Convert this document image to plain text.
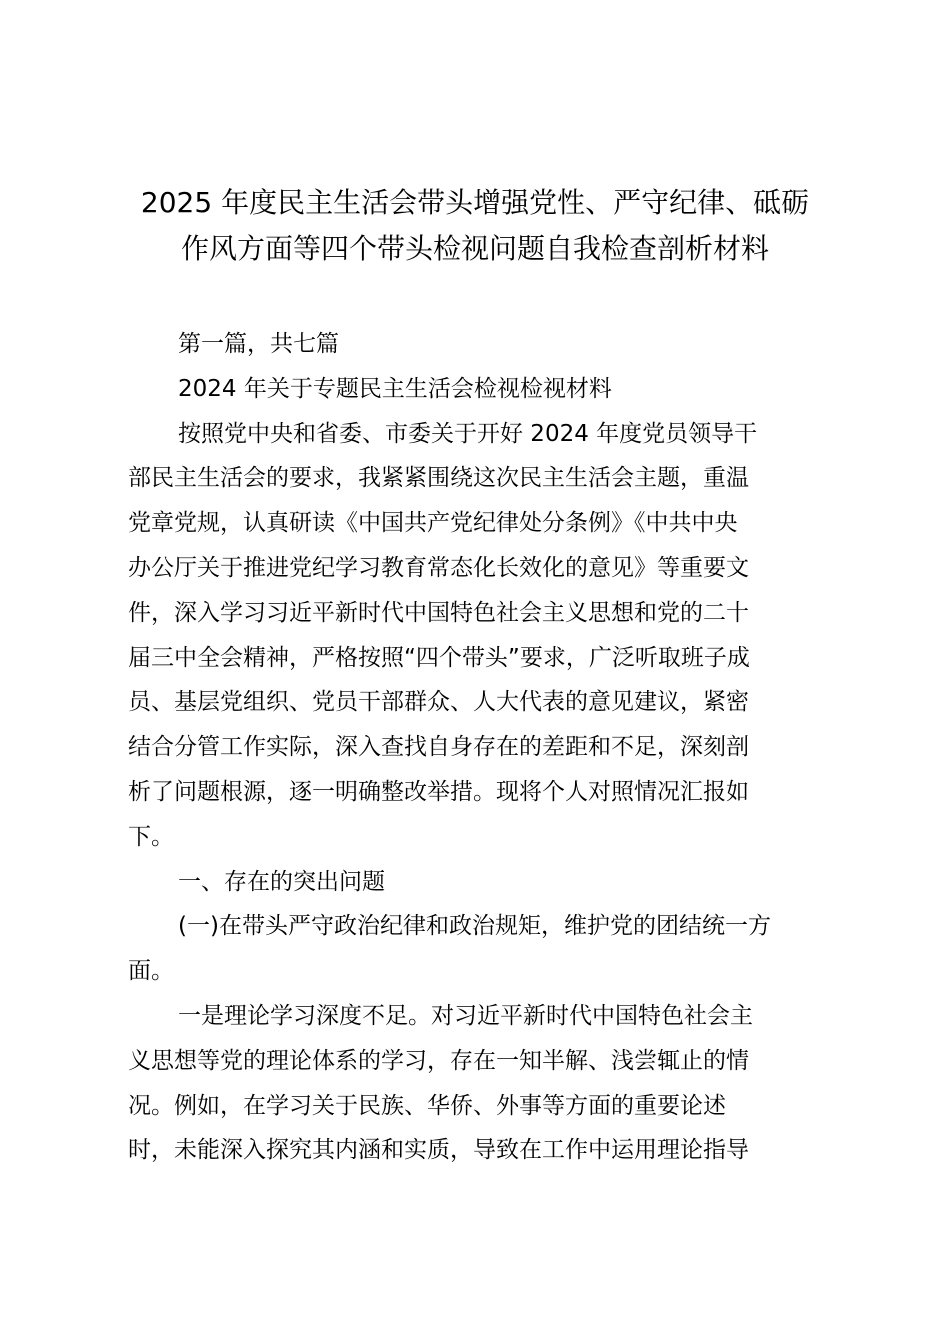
2025 年度民主生活会带头增强党性、严守纪律、砥砺
作风方面等四个带头检视问题自我检查剖析材料

第一篇，共七篇

2024 年关于专题民主生活会检视检视材料

按照党中央和省委、市委关于开好 2024 年度党员领导干

部民主生活会的要求，我紧紧围绕这次民主生活会主题，重温

党章党规，认真研读《中国共产党纪律处分条例》《中共中央

办公厅关于推进党纪学习教育常态化长效化的意见》等重要文

件，深入学习习近平新时代中国特色社会主义思想和党的二十

届三中全会精神，严格按照“四个带头”要求，广泛听取班子成

员、基层党组织、党员干部群众、人大代表的意见建议，紧密

结合分管工作实际，深入查找自身存在的差距和不足，深刻剖

析了问题根源，逐一明确整改举措。现将个人对照情况汇报如

下。

一、存在的突出问题

(一)在带头严守政治纪律和政治规矩，维护党的团结统一方

面。

一是理论学习深度不足。对习近平新时代中国特色社会主

义思想等党的理论体系的学习，存在一知半解、浅尝辄止的情

况。例如，在学习关于民族、华侨、外事等方面的重要论述

时，未能深入探究其内涵和实质，导致在工作中运用理论指导
